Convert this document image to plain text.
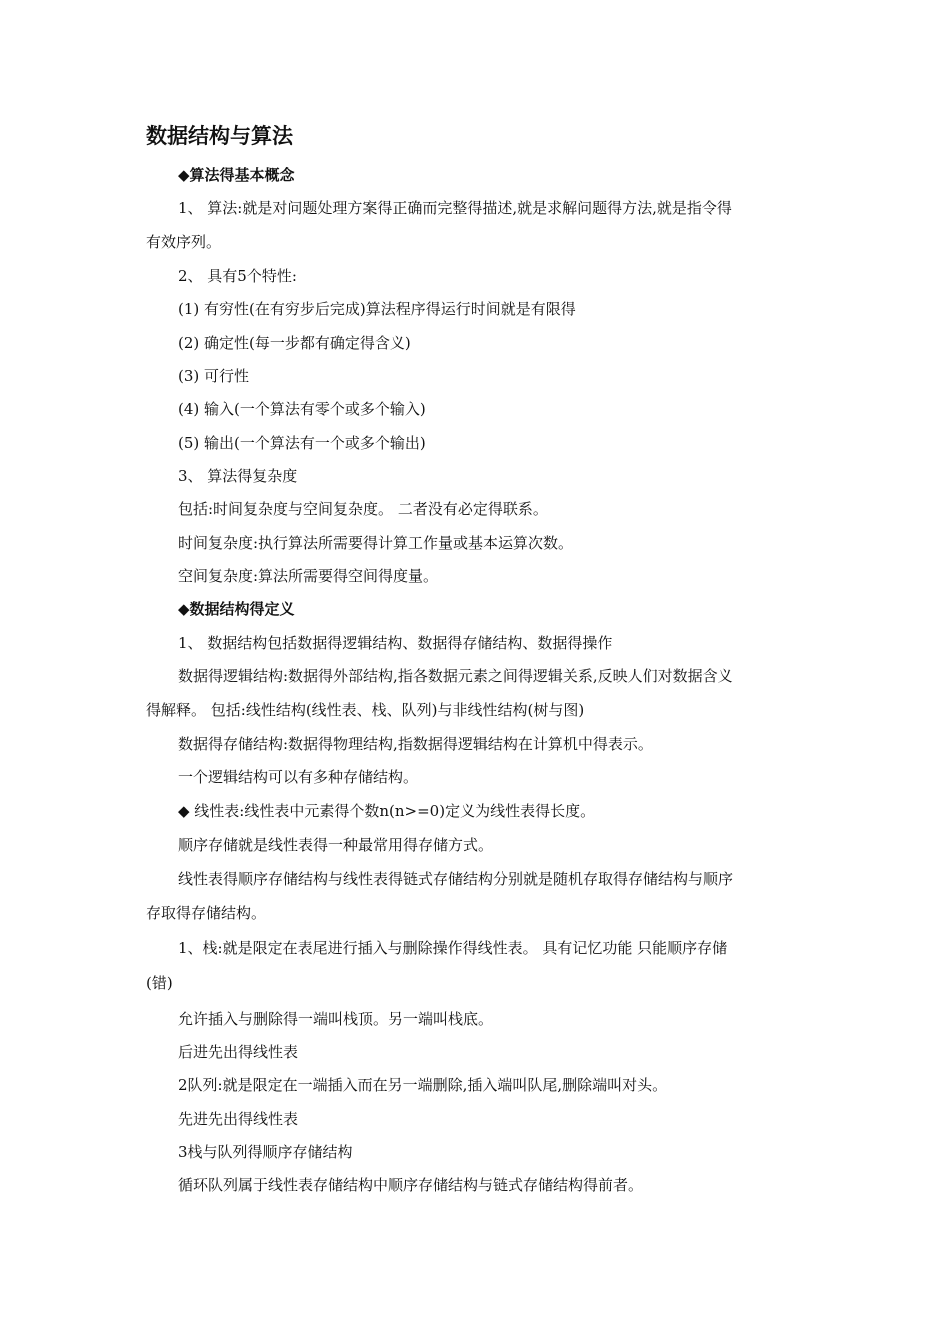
数据结构与算法
◆算法得基本概念
1、 算法:就是对问题处理方案得正确而完整得描述,就是求解问题得方法,就是指令得
有效序列。
2、 具有5个特性:
(1) 有穷性(在有穷步后完成)算法程序得运行时间就是有限得
(2) 确定性(每一步都有确定得含义)
(3) 可行性
(4) 输入(一个算法有零个或多个输入)
(5) 输出(一个算法有一个或多个输出)
3、 算法得复杂度
包括:时间复杂度与空间复杂度。 二者没有必定得联系。
时间复杂度:执行算法所需要得计算工作量或基本运算次数。
空间复杂度:算法所需要得空间得度量。
◆数据结构得定义
1、 数据结构包括数据得逻辑结构、数据得存储结构、数据得操作
数据得逻辑结构:数据得外部结构,指各数据元素之间得逻辑关系,反映人们对数据含义
得解释。 包括:线性结构(线性表、栈、队列)与非线性结构(树与图)
数据得存储结构:数据得物理结构,指数据得逻辑结构在计算机中得表示。
一个逻辑结构可以有多种存储结构。
◆ 线性表:线性表中元素得个数n(n>=0)定义为线性表得长度。
顺序存储就是线性表得一种最常用得存储方式。
线性表得顺序存储结构与线性表得链式存储结构分别就是随机存取得存储结构与顺序
存取得存储结构。
1、栈:就是限定在表尾进行插入与删除操作得线性表。 具有记忆功能 只能顺序存储
(错)
允许插入与删除得一端叫栈顶。另一端叫栈底。
后进先出得线性表
2队列:就是限定在一端插入而在另一端删除,插入端叫队尾,删除端叫对头。
先进先出得线性表
3栈与队列得顺序存储结构
循环队列属于线性表存储结构中顺序存储结构与链式存储结构得前者。
